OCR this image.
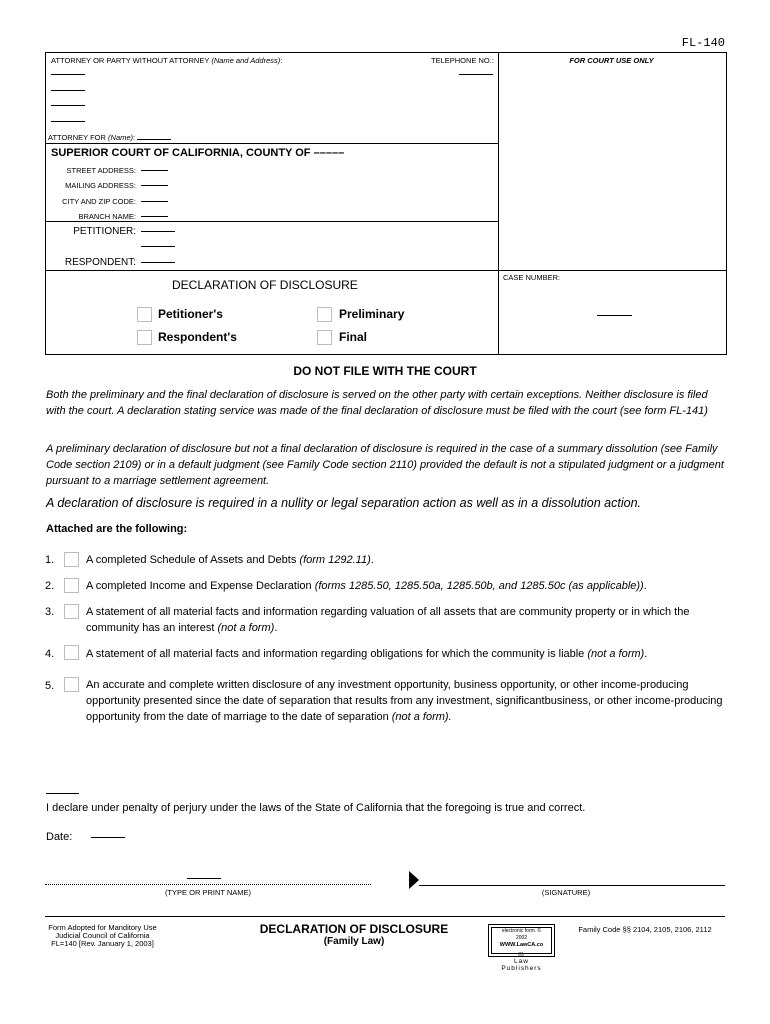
FL-140
ATTORNEY OR PARTY WITHOUT ATTORNEY (Name and Address):	TELEPHONE NO.:	FOR COURT USE ONLY
ATTORNEY FOR (Name):
SUPERIOR COURT OF CALIFORNIA, COUNTY OF –––––
STREET ADDRESS:
MAILING ADDRESS:
CITY AND ZIP CODE:
BRANCH NAME:
PETITIONER:
RESPONDENT:
DECLARATION OF DISCLOSURE
CASE NUMBER:
Petitioner's	Preliminary
Respondent's	Final
DO NOT FILE WITH THE COURT
Both the preliminary and the final declaration of disclosure is served on the other party with certain exceptions. Neither disclosure is filed with the court. A declaration stating service was made of the final declaration of disclosure must be filed with the court (see form FL-141)
A preliminary declaration of disclosure but not a final declaration of disclosure is required in the case of a summary dissolution (see Family Code section 2109) or in a default judgment (see Family Code section 2110) provided the default is not a stipulated judgment or a judgment pursuant to a marriage settlement agreement.
A declaration of disclosure is required in a nullity or legal separation action as well as in a dissolution action.
Attached are the following:
1.	A completed Schedule of Assets and Debts (form 1292.11).
2.	A completed Income and Expense Declaration (forms 1285.50, 1285.50a, 1285.50b, and 1285.50c (as applicable)).
3.	A statement of all material facts and information regarding valuation of all assets that are community property or in which the community has an interest (not a form).
4.	A statement of all material facts and information regarding obligations for which the community is liable (not a form).
5.	An accurate and complete written disclosure of any investment opportunity, business opportunity, or other income-producing opportunity presented since the date of separation that results from any investment, significantbusiness, or other income-producing opportunity from the date of marriage to the date of separation (not a form).
I declare under penalty of perjury under the laws of the State of California that the foregoing is true and correct.
Date:
(TYPE OR PRINT NAME)	(SIGNATURE)
Form Adopted for Manditory Use
Judicial Council of California
FL=140 [Rev. January 1, 2003]
DECLARATION OF DISCLOSURE
(Family Law)
electronic form. ©
2002
WWW.LawCA.co
m
Law
Publishers
Family Code §§ 2104, 2105, 2106, 2112
